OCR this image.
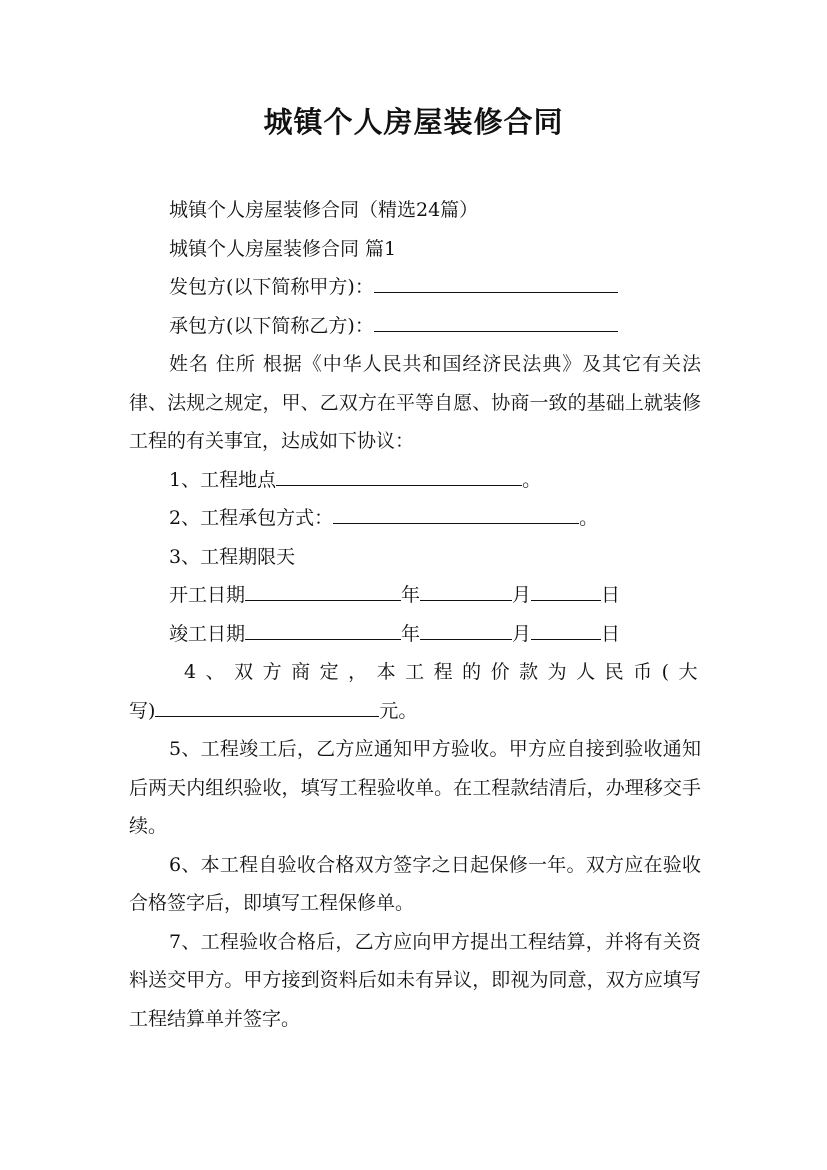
城镇个人房屋装修合同
城镇个人房屋装修合同（精选24篇）
城镇个人房屋装修合同 篇1
发包方(以下简称甲方)：
承包方(以下简称乙方)：

姓名 住所 根据《中华人民共和国经济民法典》及其它有关法律、法规之规定，甲、乙双方在平等自愿、协商一致的基础上就装修工程的有关事宜，达成如下协议：

1、工程地点	。
2、工程承包方式：	。
3、工程期限天
开工日期	年	月	日
竣工日期	年	月	日
4、双方商定，本工程的价款为人民币(大
写)	元。

5、工程竣工后，乙方应通知甲方验收。甲方应自接到验收通知后两天内组织验收，填写工程验收单。在工程款结清后，办理移交手续。

6、本工程自验收合格双方签字之日起保修一年。双方应在验收合格签字后，即填写工程保修单。

7、工程验收合格后，乙方应向甲方提出工程结算，并将有关资料送交甲方。甲方接到资料后如未有异议，即视为同意，双方应填写工程结算单并签字。
